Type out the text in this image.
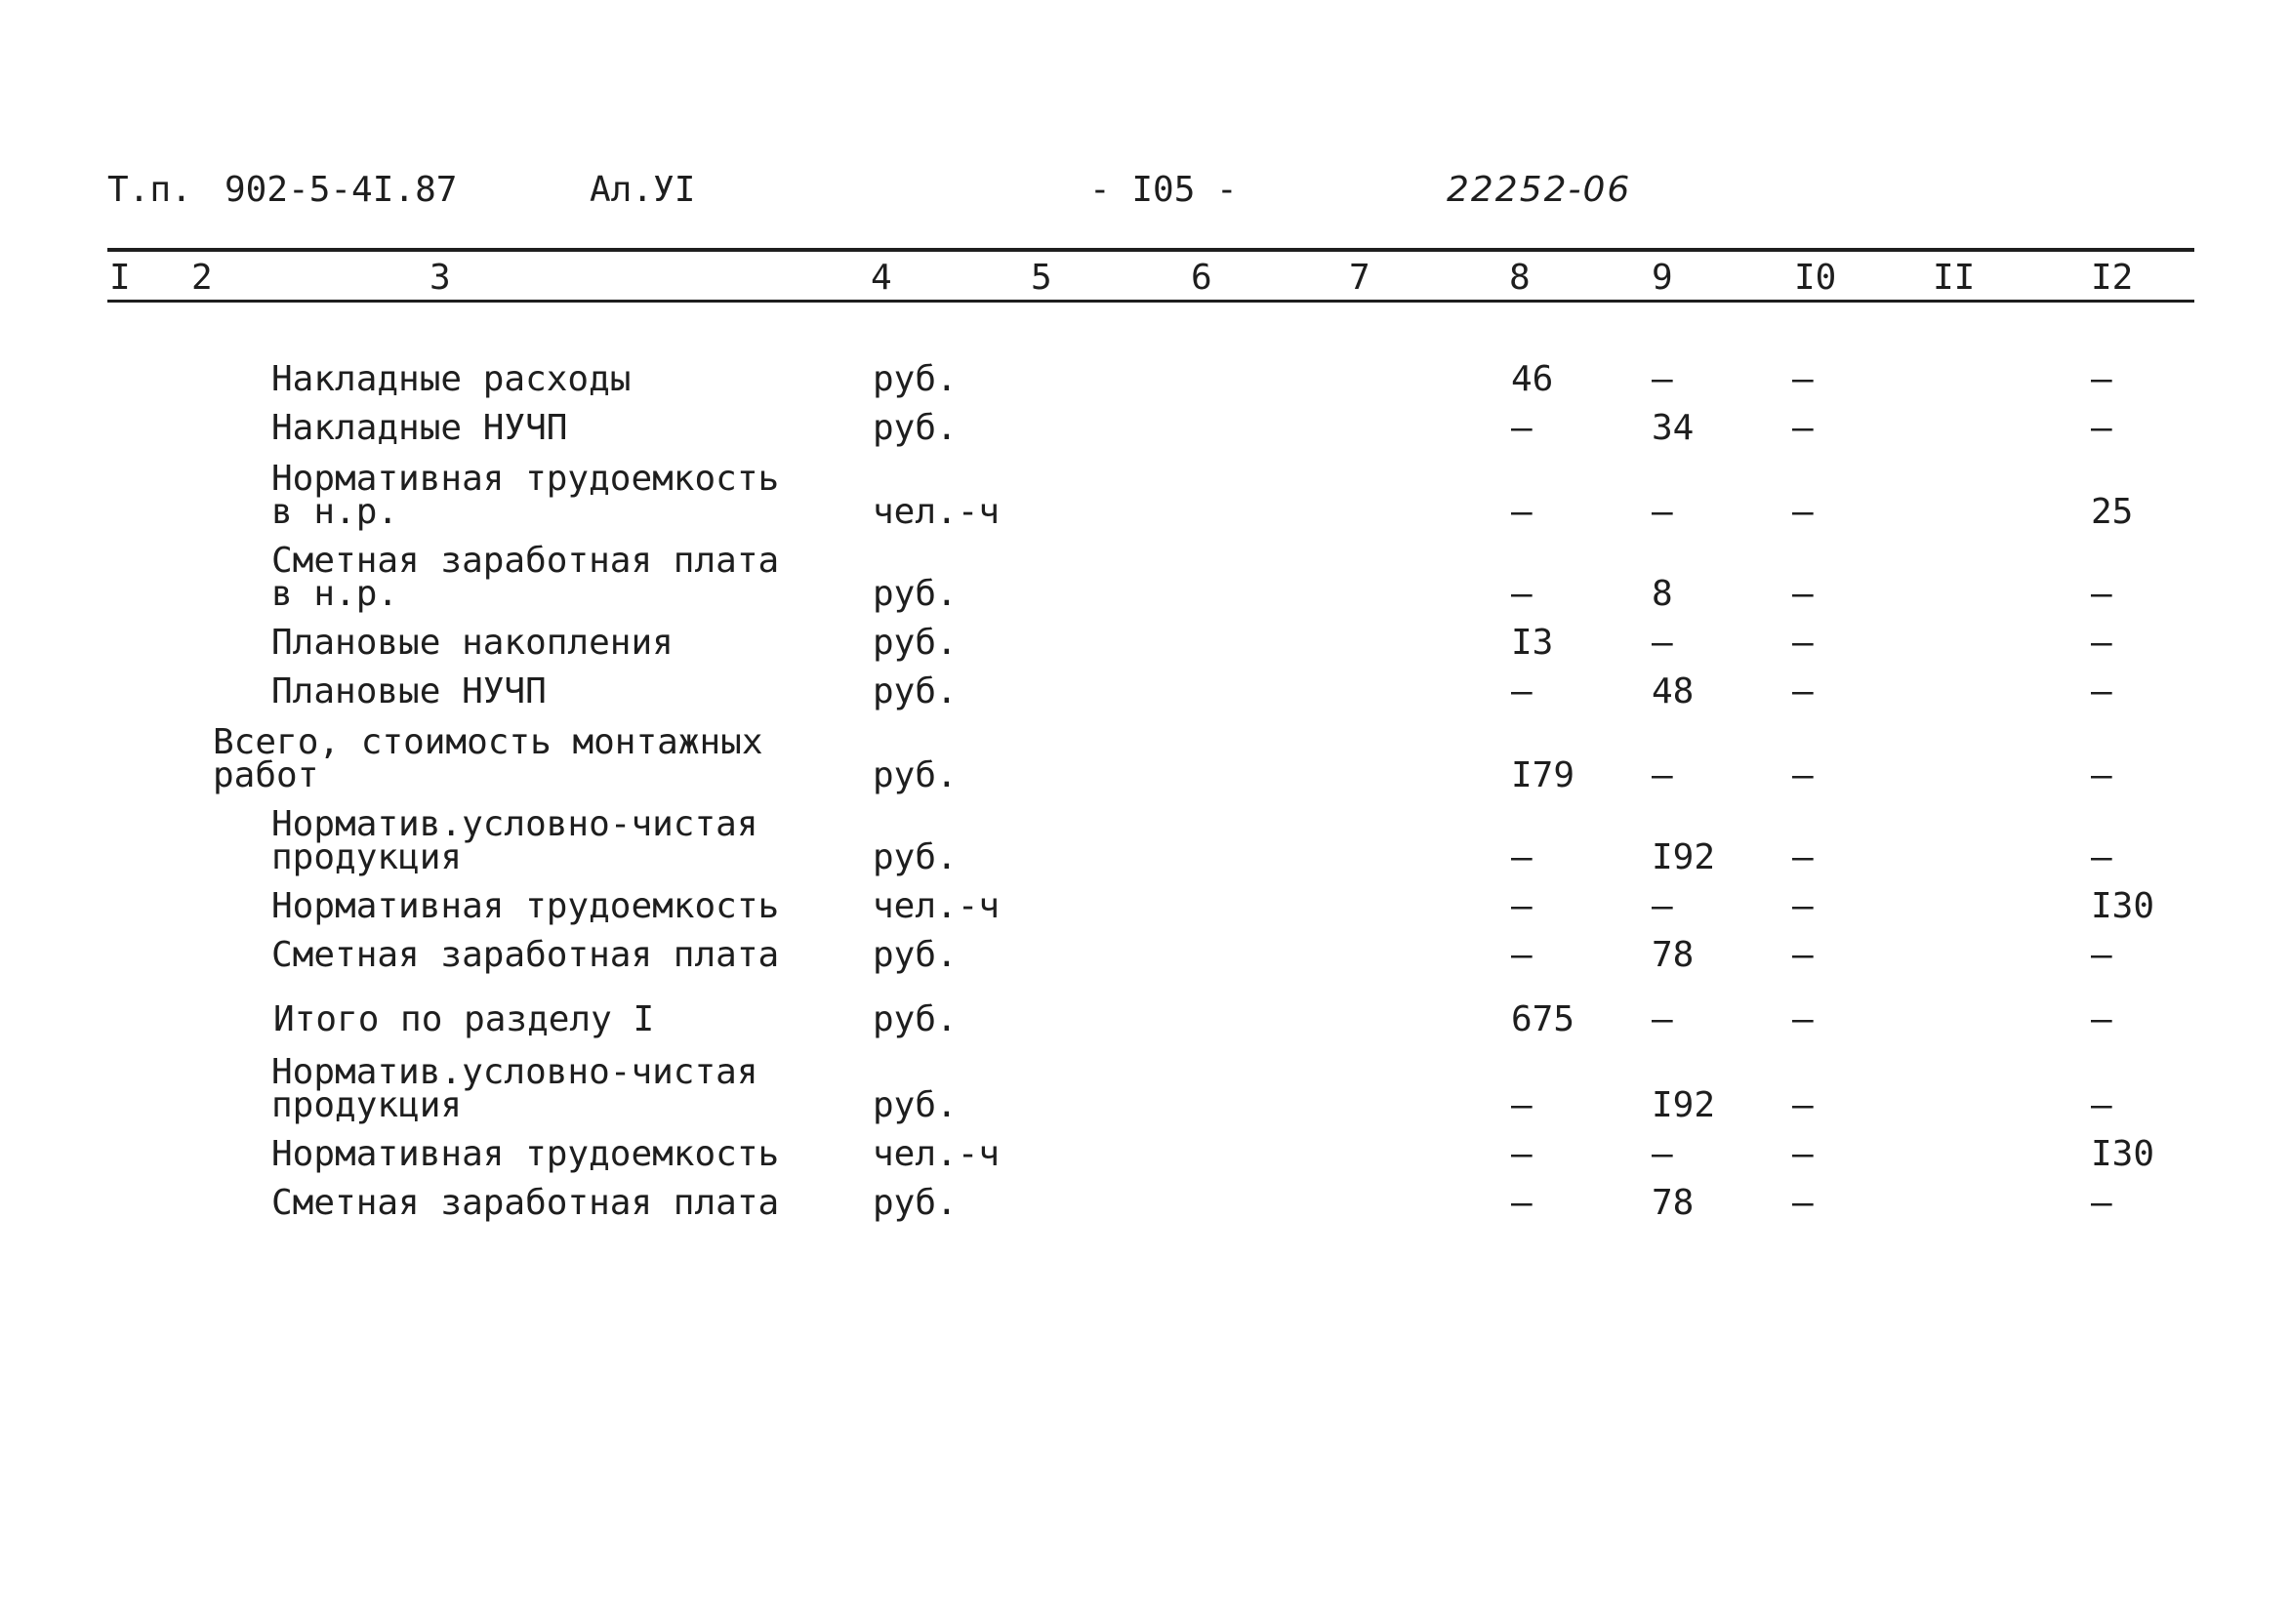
Т.п. 902-5-4I.87	Ал.УI	- I05 -	22252-06
I 2	3	4	5	6	7	8	9	I0	II	I2
Накладные расходы	руб.	46	–	–	–
Накладные НУЧП	руб.	–	34	–	–
Нормативная трудоемкость
в н.р.	чел.-ч	–	–	–	25
Сметная заработная плата
в н.р.	руб.	–	8	–	–
Плановые накопления	руб.	I3	–	–	–
Плановые НУЧП	руб.	–	48	–	–
Всего, стоимость монтажных
работ	руб.	I79 –	–	–
Норматив.условно-чистая
продукция	руб.	–	I92 –	–
Нормативная трудоемкость	чел.-ч	–	–	–	I30
Сметная заработная плата	руб.	–	78	–	–
Итого по разделу I	руб.	675 –	–	–
Норматив.условно-чистая
продукция	руб.	–	I92 –	–
Нормативная трудоемкость	чел.-ч	–	–	–	I30
Сметная заработная плата	руб.	–	78	–	–
